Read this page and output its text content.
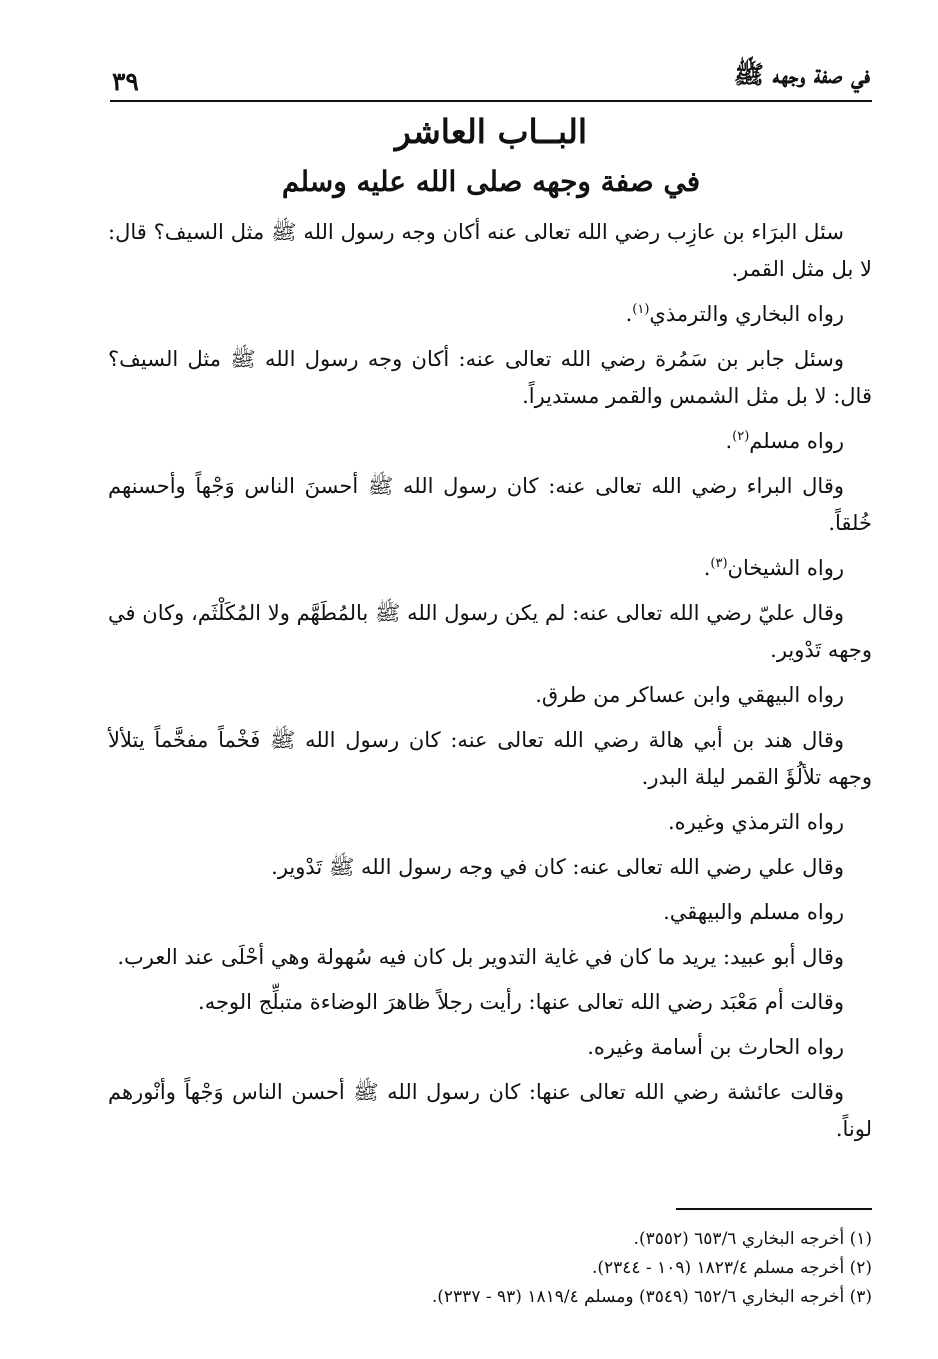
في صفة وجهه ﷺ
٣٩
البــاب العاشر
في صفة وجهه صلى الله عليه وسلم

سئل البرَاء بن عازِب رضي الله تعالى عنه أكان وجه رسول الله ﷺ مثل السيف؟ قال: لا بل مثل القمر.

رواه البخاري والترمذي$^{(١)}$.

وسئل جابر بن سَمُرة رضي الله تعالى عنه: أكان وجه رسول الله ﷺ مثل السيف؟ قال: لا بل مثل الشمس والقمر مستديراً.

رواه مسلم$^{(٢)}$.

وقال البراء رضي الله تعالى عنه: كان رسول الله ﷺ أحسنَ الناس وَجْهاً وأحسنهم خُلقاً.

رواه الشيخان$^{(٣)}$.

وقال عليّ رضي الله تعالى عنه: لم يكن رسول الله ﷺ بالمُطَهَّم ولا المُكَلْثَم، وكان في وجهه تَدْوير.

رواه البيهقي وابن عساكر من طرق.

وقال هند بن أبي هالة رضي الله تعالى عنه: كان رسول الله ﷺ فَخْماً مفخَّماً يتلألأ وجهه تلألُؤَ القمر ليلة البدر.

رواه الترمذي وغيره.

وقال علي رضي الله تعالى عنه: كان في وجه رسول الله ﷺ تَدْوير.

رواه مسلم والبيهقي.

وقال أبو عبيد: يريد ما كان في غاية التدوير بل كان فيه سُهولة وهي أحْلَى عند العرب.

وقالت أم مَعْبَد رضي الله تعالى عنها: رأيت رجلاً ظاهرَ الوضاءة متبلِّج الوجه.

رواه الحارث بن أسامة وغيره.

وقالت عائشة رضي الله تعالى عنها: كان رسول الله ﷺ أحسن الناس وَجْهاً وأنْورهم لوناً.

(١) أخرجه البخاري ٦٥٣/٦ (٣٥٥٢).
(٢) أخرجه مسلم ١٨٢٣/٤ (١٠٩ - ٢٣٤٤).
(٣) أخرجه البخاري ٦٥٢/٦ (٣٥٤٩) ومسلم ١٨١٩/٤ (٩٣ - ٢٣٣٧).
